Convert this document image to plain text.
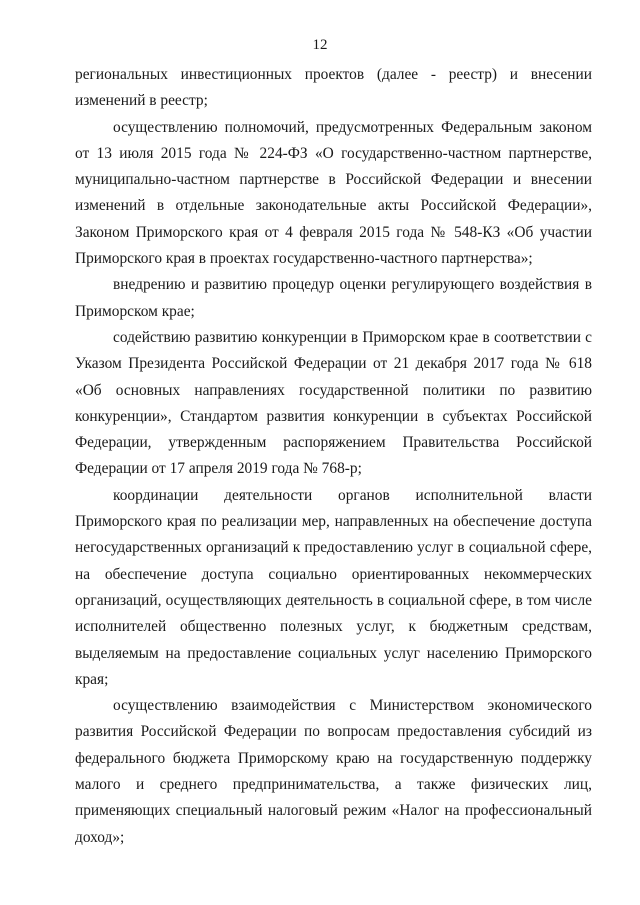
12

региональных инвестиционных проектов (далее - реестр) и внесении изменений в реестр;

осуществлению полномочий, предусмотренных Федеральным законом от 13 июля 2015 года № 224-ФЗ «О государственно-частном партнерстве, муниципально-частном партнерстве в Российской Федерации и внесении изменений в отдельные законодательные акты Российской Федерации», Законом Приморского края от 4 февраля 2015 года № 548-КЗ «Об участии Приморского края в проектах государственно-частного партнерства»;

внедрению и развитию процедур оценки регулирующего воздействия в Приморском крае;

содействию развитию конкуренции в Приморском крае в соответствии с Указом Президента Российской Федерации от 21 декабря 2017 года № 618 «Об основных направлениях государственной политики по развитию конкуренции», Стандартом развития конкуренции в субъектах Российской Федерации, утвержденным распоряжением Правительства Российской Федерации от 17 апреля 2019 года № 768-р;

координации деятельности органов исполнительной власти Приморского края по реализации мер, направленных на обеспечение доступа негосударственных организаций к предоставлению услуг в социальной сфере, на обеспечение доступа социально ориентированных некоммерческих организаций, осуществляющих деятельность в социальной сфере, в том числе исполнителей общественно полезных услуг, к бюджетным средствам, выделяемым на предоставление социальных услуг населению Приморского края;

осуществлению взаимодействия с Министерством экономического развития Российской Федерации по вопросам предоставления субсидий из федерального бюджета Приморскому краю на государственную поддержку малого и среднего предпринимательства, а также физических лиц, применяющих специальный налоговый режим «Налог на профессиональный доход»;
